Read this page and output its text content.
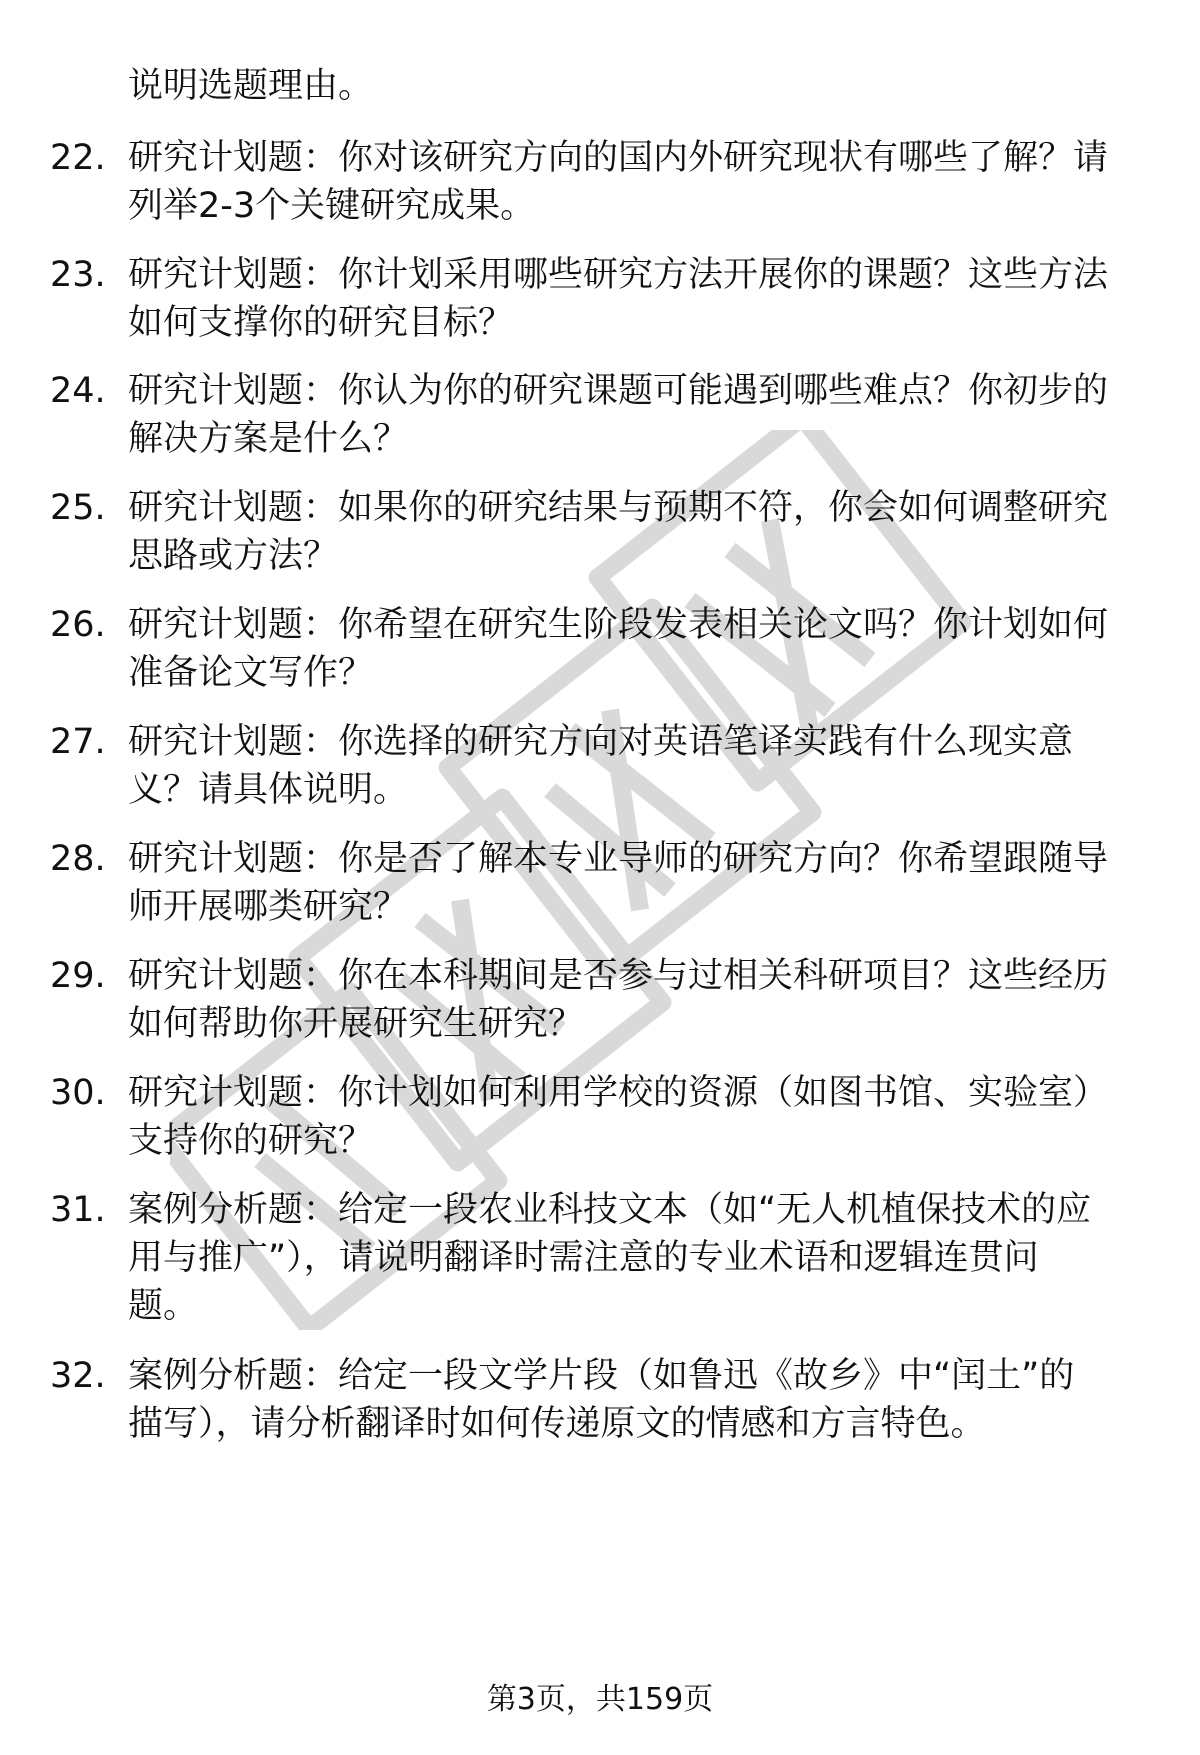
说明选题理由。
22. 研究计划题：你对该研究方向的国内外研究现状有哪些了解？请
列举2-3个关键研究成果。
23. 研究计划题：你计划采用哪些研究方法开展你的课题？这些方法
如何支撑你的研究目标？
24. 研究计划题：你认为你的研究课题可能遇到哪些难点？你初步的
解决方案是什么？
25. 研究计划题：如果你的研究结果与预期不符，你会如何调整研究
思路或方法？
26. 研究计划题：你希望在研究生阶段发表相关论文吗？你计划如何
准备论文写作？
27. 研究计划题：你选择的研究方向对英语笔译实践有什么现实意
义？请具体说明。
28. 研究计划题：你是否了解本专业导师的研究方向？你希望跟随导
师开展哪类研究？
29. 研究计划题：你在本科期间是否参与过相关科研项目？这些经历
如何帮助你开展研究生研究？
30. 研究计划题：你计划如何利用学校的资源（如图书馆、实验室）
支持你的研究？
31. 案例分析题：给定一段农业科技文本（如“无人机植保技术的应
用与推广”），请说明翻译时需注意的专业术语和逻辑连贯问
题。
32. 案例分析题：给定一段文学片段（如鲁迅《故乡》中“闰土”的
描写），请分析翻译时如何传递原文的情感和方言特色。
第3页，共159页
